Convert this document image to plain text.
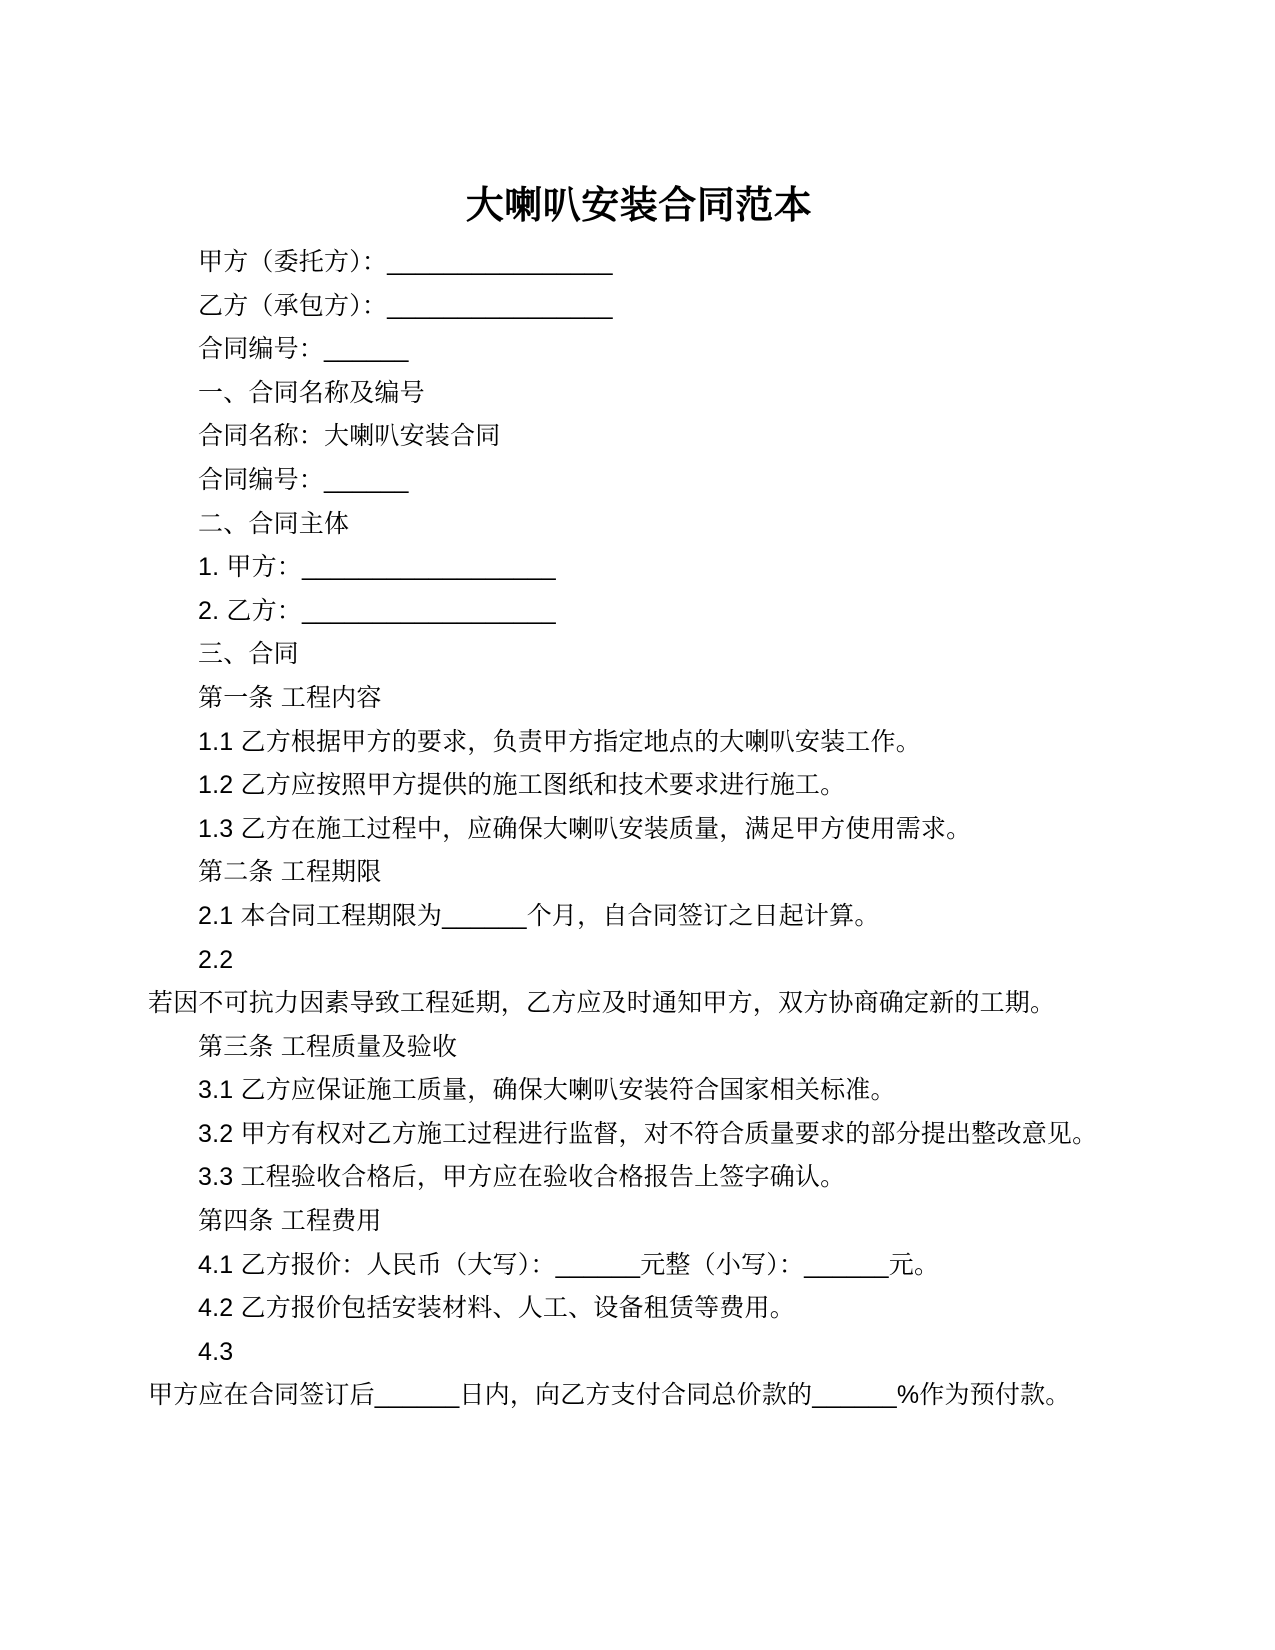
大喇叭安装合同范本

甲方（委托方）：________________

乙方（承包方）：________________

合同编号：______

一、合同名称及编号

合同名称：大喇叭安装合同

合同编号：______

二、合同主体

1. 甲方：__________________

2. 乙方：__________________

三、合同

第一条 工程内容

1.1 乙方根据甲方的要求，负责甲方指定地点的大喇叭安装工作。

1.2 乙方应按照甲方提供的施工图纸和技术要求进行施工。

1.3 乙方在施工过程中，应确保大喇叭安装质量，满足甲方使用需求。

第二条 工程期限

2.1 本合同工程期限为______个月，自合同签订之日起计算。

2.2

若因不可抗力因素导致工程延期，乙方应及时通知甲方，双方协商确定新的工期。

第三条 工程质量及验收

3.1 乙方应保证施工质量，确保大喇叭安装符合国家相关标准。

3.2 甲方有权对乙方施工过程进行监督，对不符合质量要求的部分提出整改意见。

3.3 工程验收合格后，甲方应在验收合格报告上签字确认。

第四条 工程费用

4.1 乙方报价：人民币（大写）：______元整（小写）：______元。

4.2 乙方报价包括安装材料、人工、设备租赁等费用。

4.3

甲方应在合同签订后______日内，向乙方支付合同总价款的______%作为预付款。
